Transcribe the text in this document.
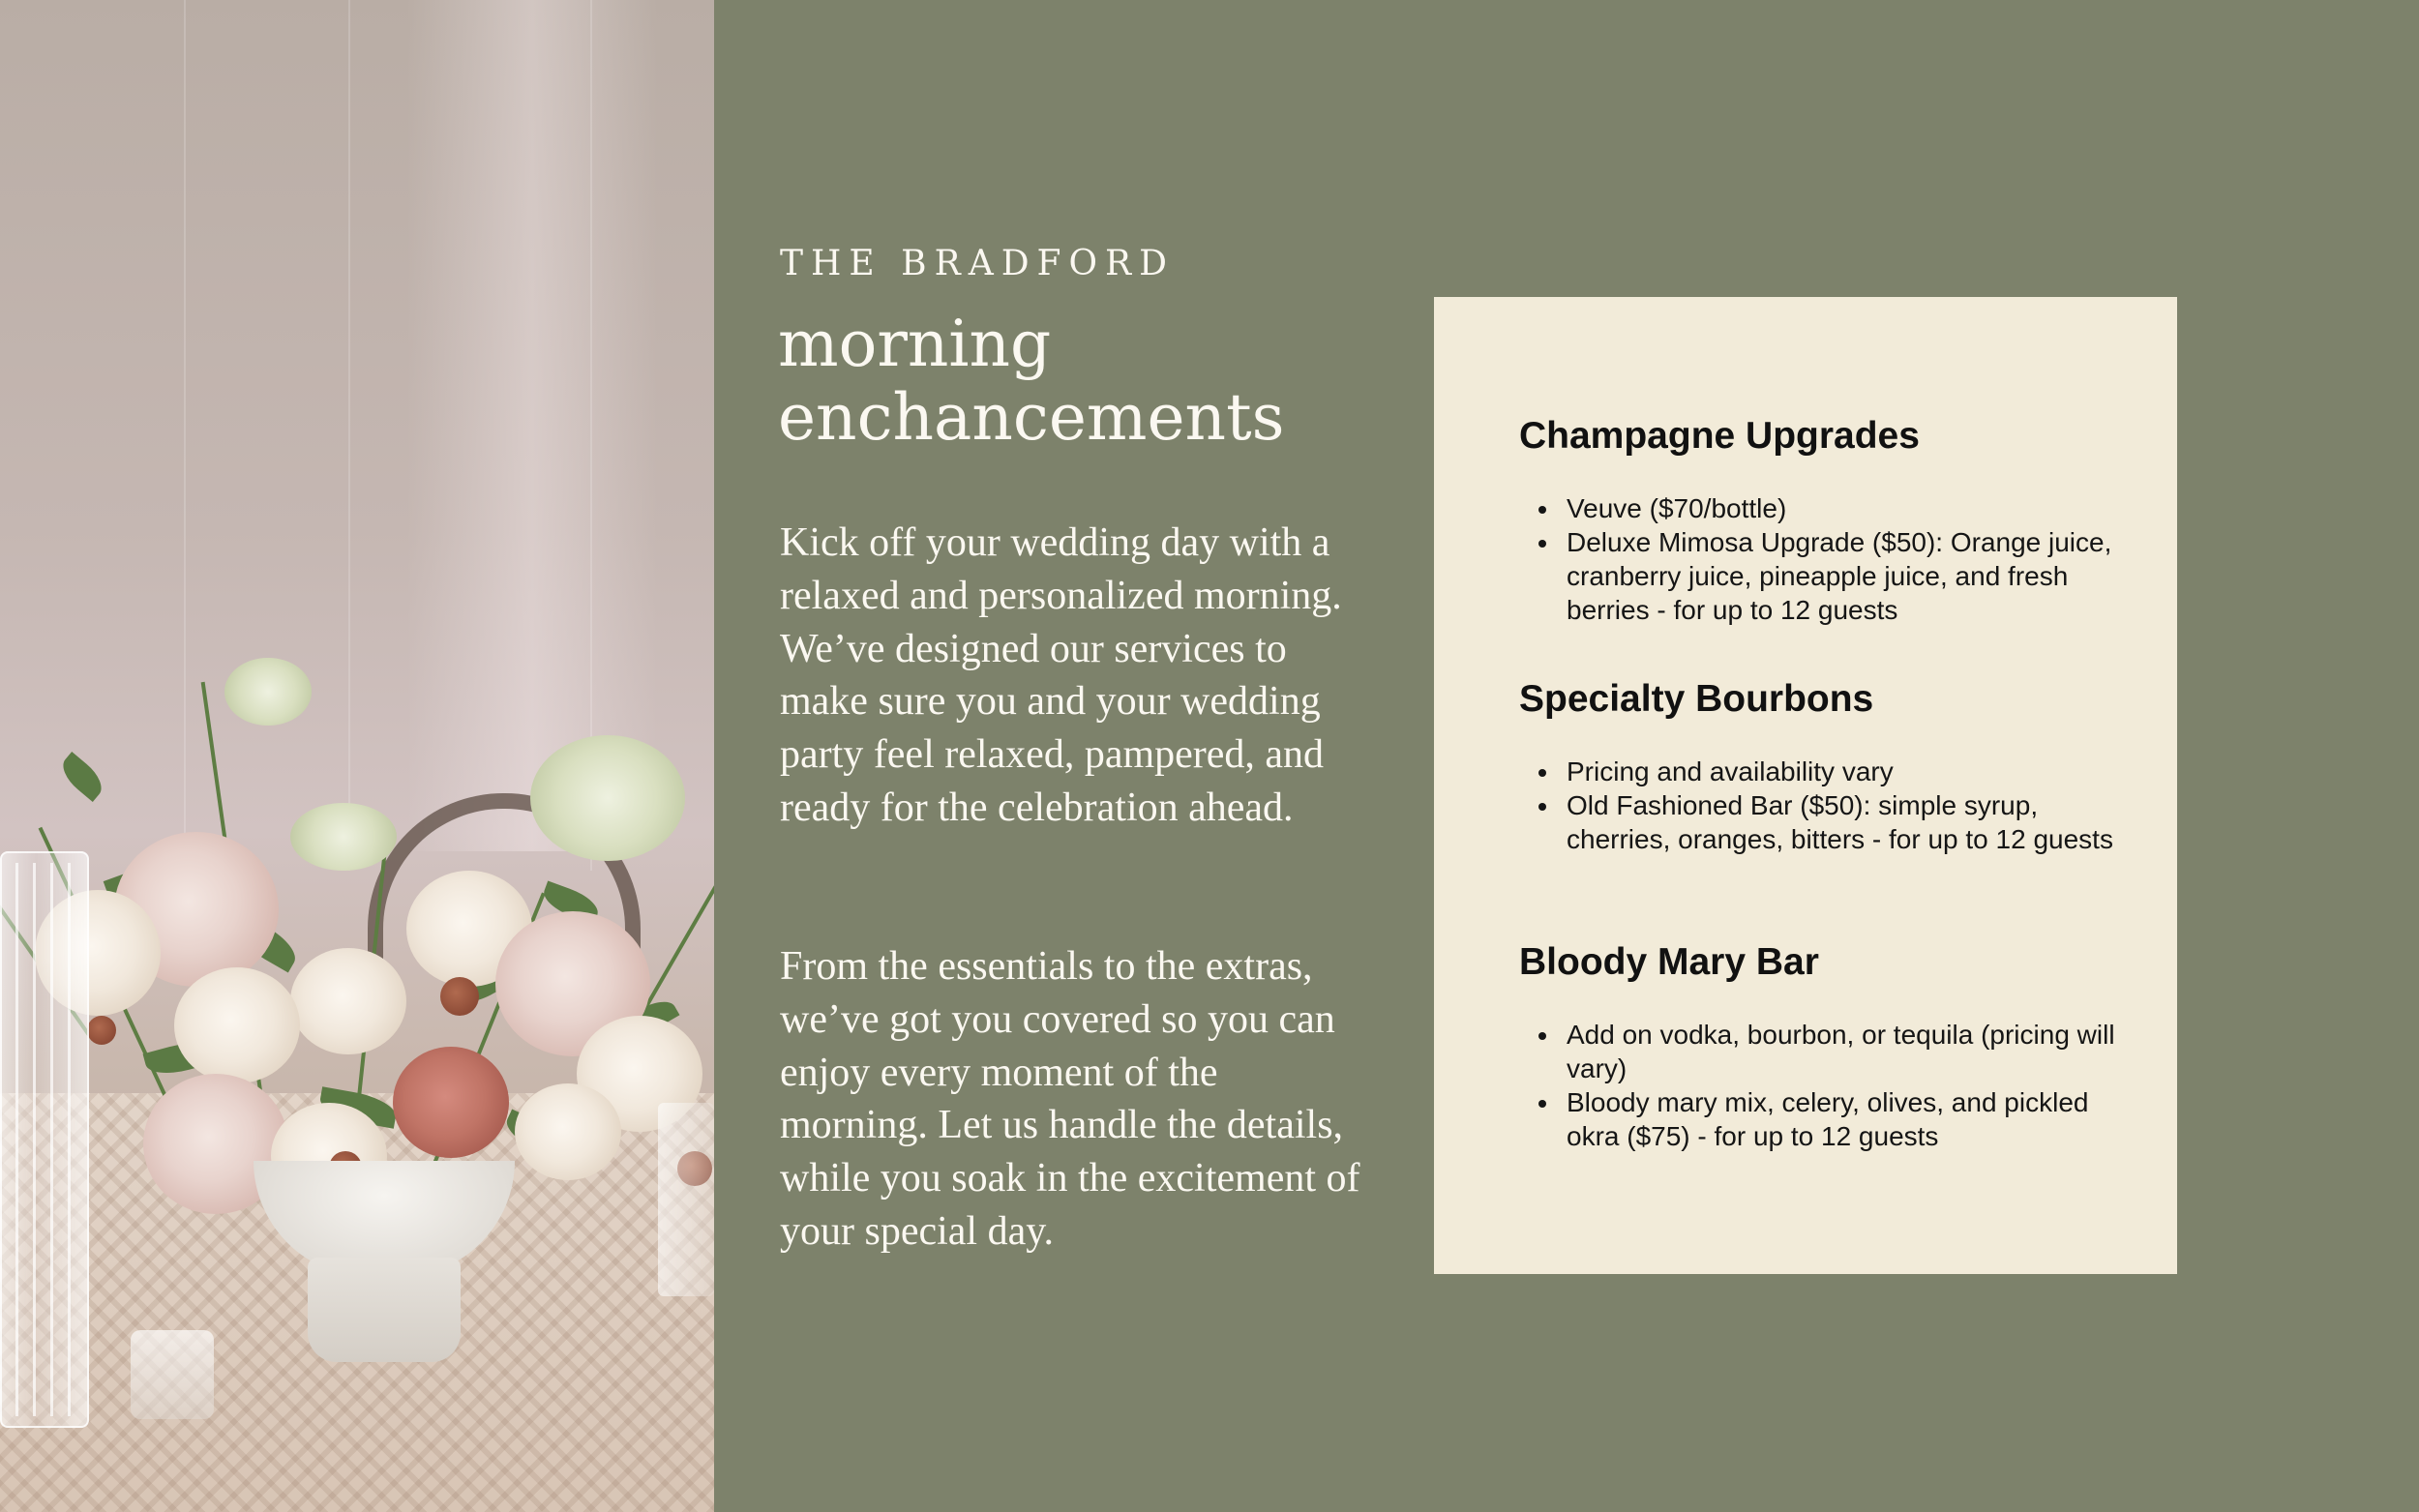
THE BRADFORD
morning
enchancements

Kick off your wedding day with a relaxed and personalized morning. We’ve designed our services to make sure you and your wedding party feel relaxed, pampered, and ready for the celebration ahead.

From the essentials to the extras, we’ve got you covered so you can enjoy every moment of the morning. Let us handle the details, while you soak in the excitement of your special day.

Champagne Upgrades
Veuve ($70/bottle)
Deluxe Mimosa Upgrade ($50): Orange juice, cranberry juice, pineapple juice, and fresh berries - for up to 12 guests
Specialty Bourbons
Pricing and availability vary
Old Fashioned Bar ($50): simple syrup, cherries, oranges, bitters - for up to 12 guests
Bloody Mary Bar
Add on vodka, bourbon, or tequila (pricing will vary)
Bloody mary mix, celery, olives, and pickled okra ($75) - for up to 12 guests
